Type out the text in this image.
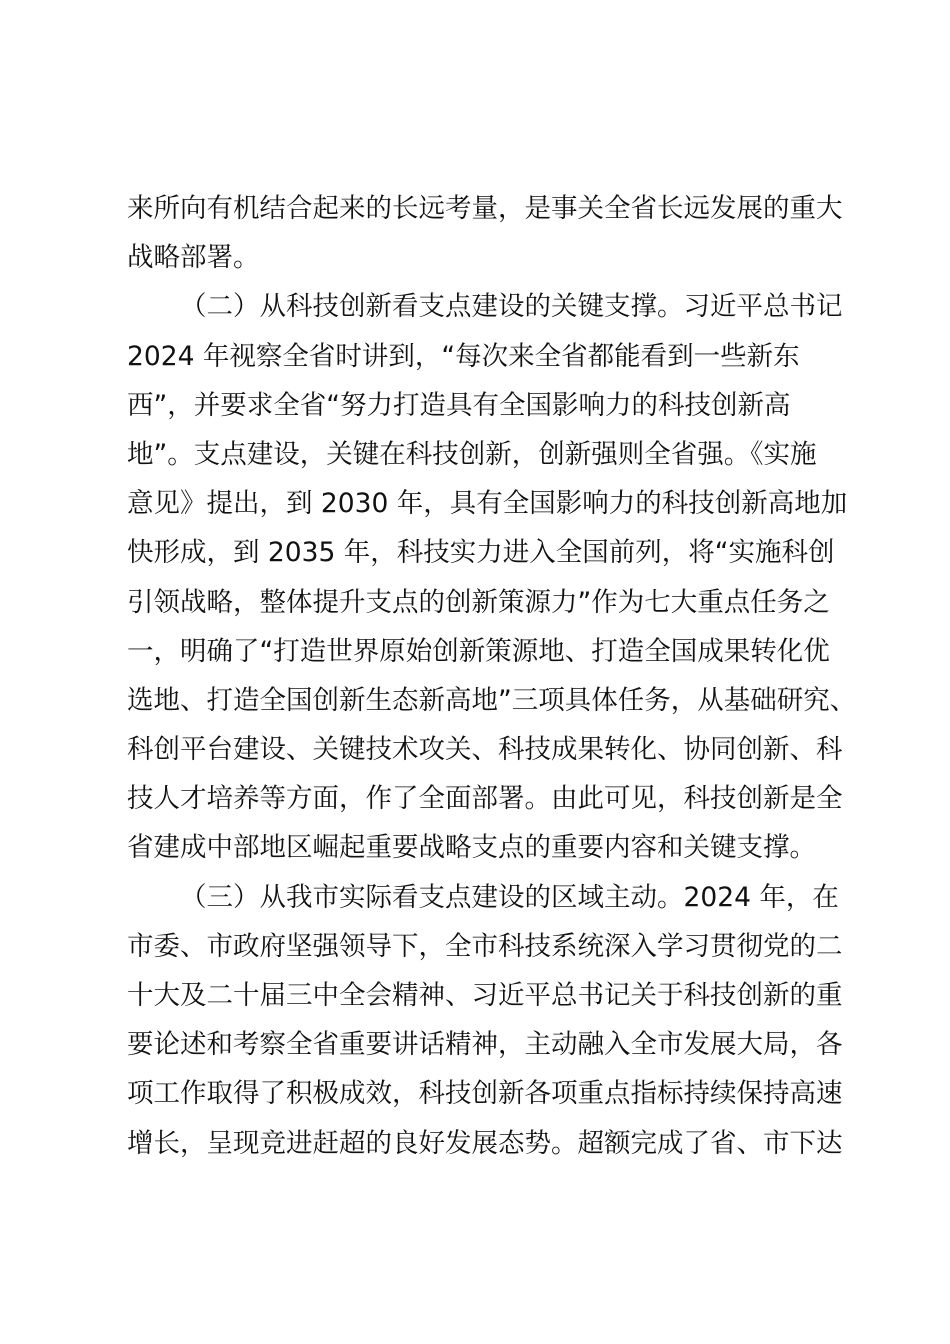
来所向有机结合起来的长远考量，是事关全省长远发展的重大
战略部署。
（二）从科技创新看支点建设的关键支撑。习近平总书记
2024 年视察全省时讲到，“每次来全省都能看到一些新东
西”，并要求全省“努力打造具有全国影响力的科技创新高
地”。支点建设，关键在科技创新，创新强则全省强。《实施
意见》提出，到 2030 年，具有全国影响力的科技创新高地加
快形成，到 2035 年，科技实力进入全国前列，将“实施科创
引领战略，整体提升支点的创新策源力”作为七大重点任务之
一，明确了“打造世界原始创新策源地、打造全国成果转化优
选地、打造全国创新生态新高地”三项具体任务，从基础研究、
科创平台建设、关键技术攻关、科技成果转化、协同创新、科
技人才培养等方面，作了全面部署。由此可见，科技创新是全
省建成中部地区崛起重要战略支点的重要内容和关键支撑。
（三）从我市实际看支点建设的区域主动。2024 年，在
市委、市政府坚强领导下，全市科技系统深入学习贯彻党的二
十大及二十届三中全会精神、习近平总书记关于科技创新的重
要论述和考察全省重要讲话精神，主动融入全市发展大局，各
项工作取得了积极成效，科技创新各项重点指标持续保持高速
增长，呈现竞进赶超的良好发展态势。超额完成了省、市下达
